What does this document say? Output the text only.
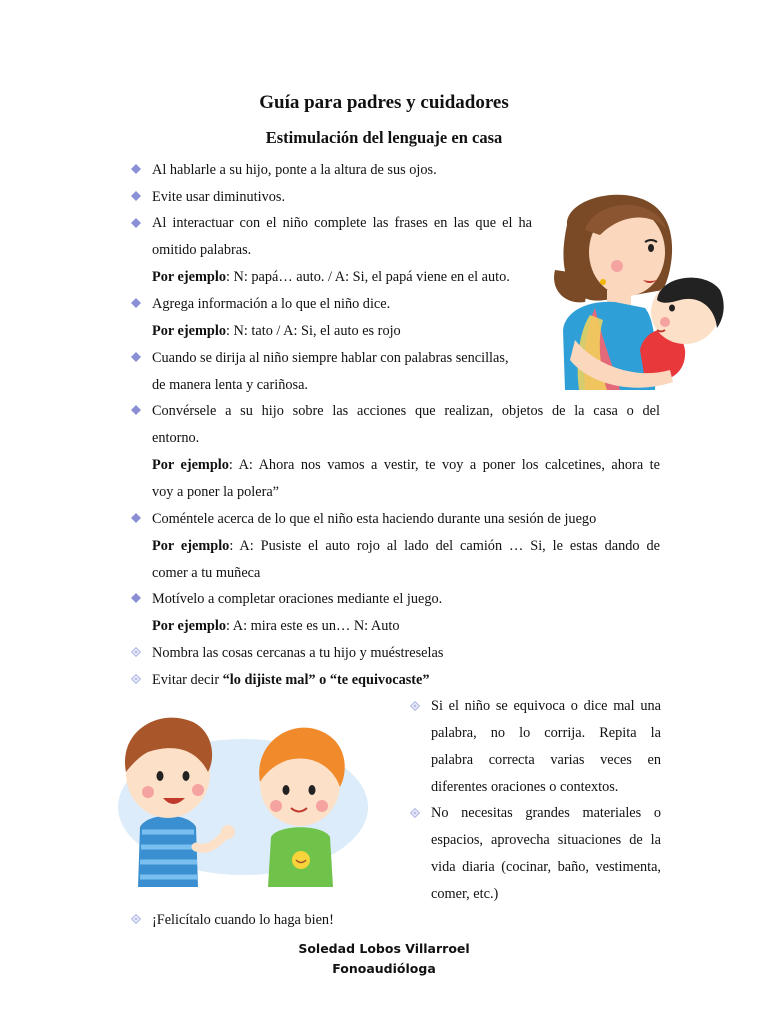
Guía para padres y cuidadores
Estimulación del lenguaje en casa
Al hablarle a su hijo, ponte a la altura de sus ojos.
Evite usar diminutivos.
Al interactuar con el niño complete las frases en las que el ha
omitido palabras.
Por ejemplo: N: papá… auto. / A: Si, el papá viene en el auto.
Agrega información a lo que el niño dice.
Por ejemplo: N: tato / A: Si, el auto es rojo
Cuando se dirija al niño siempre hablar con palabras sencillas,
de manera lenta y cariñosa.
Convérsele a su hijo sobre las acciones que realizan, objetos de la casa o del
entorno.
Por ejemplo: A: Ahora nos vamos a vestir, te voy a poner los calcetines, ahora te
voy a poner la polera”
Coméntele acerca de lo que el niño esta haciendo durante una sesión de juego
Por ejemplo: A: Pusiste el auto rojo al lado del camión … Si, le estas dando de
comer a tu muñeca
Motívelo a completar oraciones mediante el juego.
Por ejemplo: A: mira este es un… N: Auto
Nombra las cosas cercanas a tu hijo y muéstreselas
Evitar decir “lo dijiste mal” o “te equivocaste”
Si el niño se equivoca o dice mal una
palabra, no lo corrija. Repita la
palabra correcta varias veces en
diferentes oraciones o contextos.
No necesitas grandes materiales o
espacios, aprovecha situaciones de la
vida diaria (cocinar, baño, vestimenta,
comer, etc.)
¡Felicítalo cuando lo haga bien!
Soledad Lobos Villarroel
Fonoaudióloga
